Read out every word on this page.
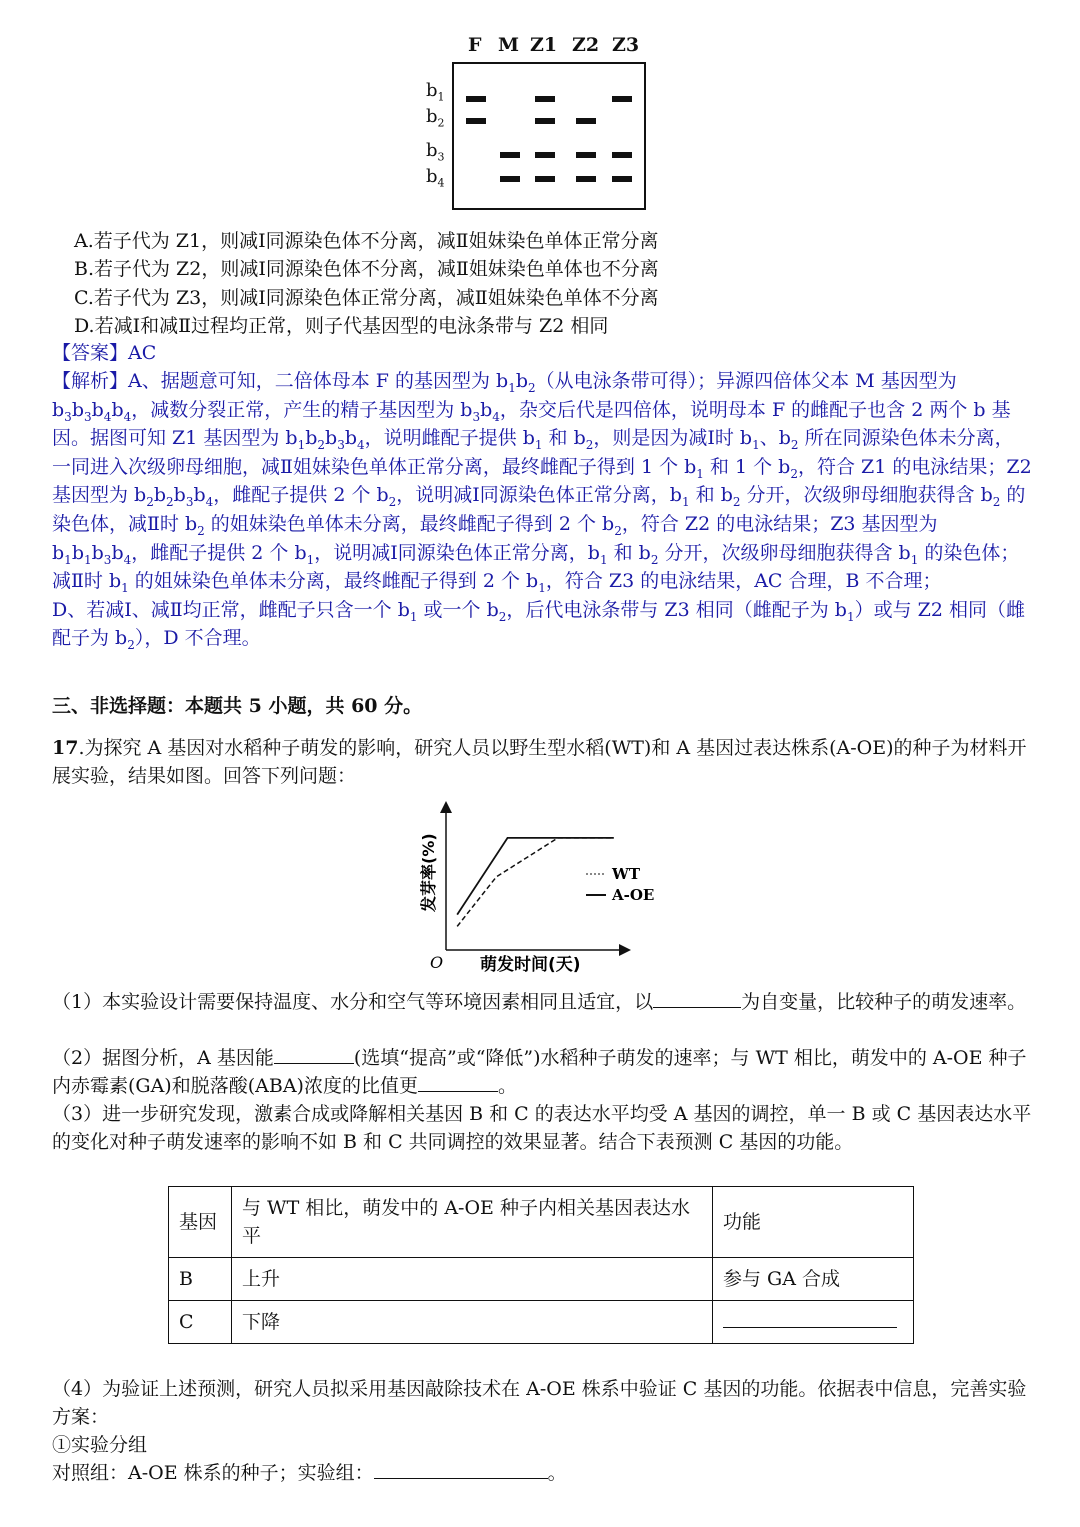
F M Z1 Z2 Z3
$b_1$
$b_2$
$b_3$
$b_4$
A.若子代为 Z1，则减Ⅰ同源染色体不分离，减Ⅱ姐妹染色单体正常分离
B.若子代为 Z2，则减Ⅰ同源染色体不分离，减Ⅱ姐妹染色单体也不分离
C.若子代为 Z3，则减Ⅰ同源染色体正常分离，减Ⅱ姐妹染色单体不分离
D.若减Ⅰ和减Ⅱ过程均正常，则子代基因型的电泳条带与 Z2 相同
【答案】AC
【解析】A、据题意可知，二倍体母本 F 的基因型为 $b_1b_2$（从电泳条带可得）；异源四倍体父本 M 基因型为 $b_3b_3b_4b_4$，减数分裂正常，产生的精子基因型为 $b_3b_4$，杂交后代是四倍体，说明母本 F 的雌配子也含 2 两个 b 基因。据图可知 Z1 基因型为 $b_1b_2b_3b_4$，说明雌配子提供 $b_1$ 和 $b_2$，则是因为减Ⅰ时 $b_1$、$b_2$ 所在同源染色体未分离，一同进入次级卵母细胞，减Ⅱ姐妹染色单体正常分离，最终雌配子得到 1 个 $b_1$ 和 1 个 $b_2$，符合 Z1 的电泳结果；Z2 基因型为 $b_2b_2b_3b_4$，雌配子提供 2 个 $b_2$，说明减Ⅰ同源染色体正常分离，$b_1$ 和 $b_2$ 分开，次级卵母细胞获得含 $b_2$ 的染色体，减Ⅱ时 $b_2$ 的姐妹染色单体未分离，最终雌配子得到 2 个 $b_2$，符合 Z2 的电泳结果；Z3 基因型为 $b_1b_1b_3b_4$，雌配子提供 2 个 $b_1$，说明减Ⅰ同源染色体正常分离，$b_1$ 和 $b_2$ 分开，次级卵母细胞获得含 $b_1$ 的染色体；减Ⅱ时 $b_1$ 的姐妹染色单体未分离，最终雌配子得到 2 个 $b_1$，符合 Z3 的电泳结果，AC 合理，B 不合理；
D、若减Ⅰ、减Ⅱ均正常，雌配子只含一个 $b_1$ 或一个 $b_2$，后代电泳条带与 Z3 相同（雌配子为 $b_1$）或与 Z2 相同（雌配子为 $b_2$），D 不合理。
三、非选择题：本题共 5 小题，共 60 分。
17.为探究 A 基因对水稻种子萌发的影响，研究人员以野生型水稻(WT)和 A 基因过表达株系(A-OE)的种子为材料开展实验，结果如图。回答下列问题：
O 萌发时间(天)
发芽率(%)	WT
A-OE
（1）本实验设计需要保持温度、水分和空气等环境因素相同且适宜，以	为自变量，比较种子的萌发速率。
（2）据图分析，A 基因能	(选填“提高”或“降低”)水稻种子萌发的速率；与 WT 相比，萌发中的 A-OE 种子内赤霉素(GA)和脱落酸(ABA)浓度的比值更	。
（3）进一步研究发现，激素合成或降解相关基因 B 和 C 的表达水平均受 A 基因的调控，单一 B 或 C 基因表达水平的变化对种子萌发速率的影响不如 B 和 C 共同调控的效果显著。结合下表预测 C 基因的功能。
基因	与 WT 相比，萌发中的 A-OE 种子内相关基因表达水平	功能
B	上升	参与 GA 合成
C	下降	
（4）为验证上述预测，研究人员拟采用基因敲除技术在 A-OE 株系中验证 C 基因的功能。依据表中信息，完善实验方案：
①实验分组
对照组：A-OE 株系的种子；实验组：	。
